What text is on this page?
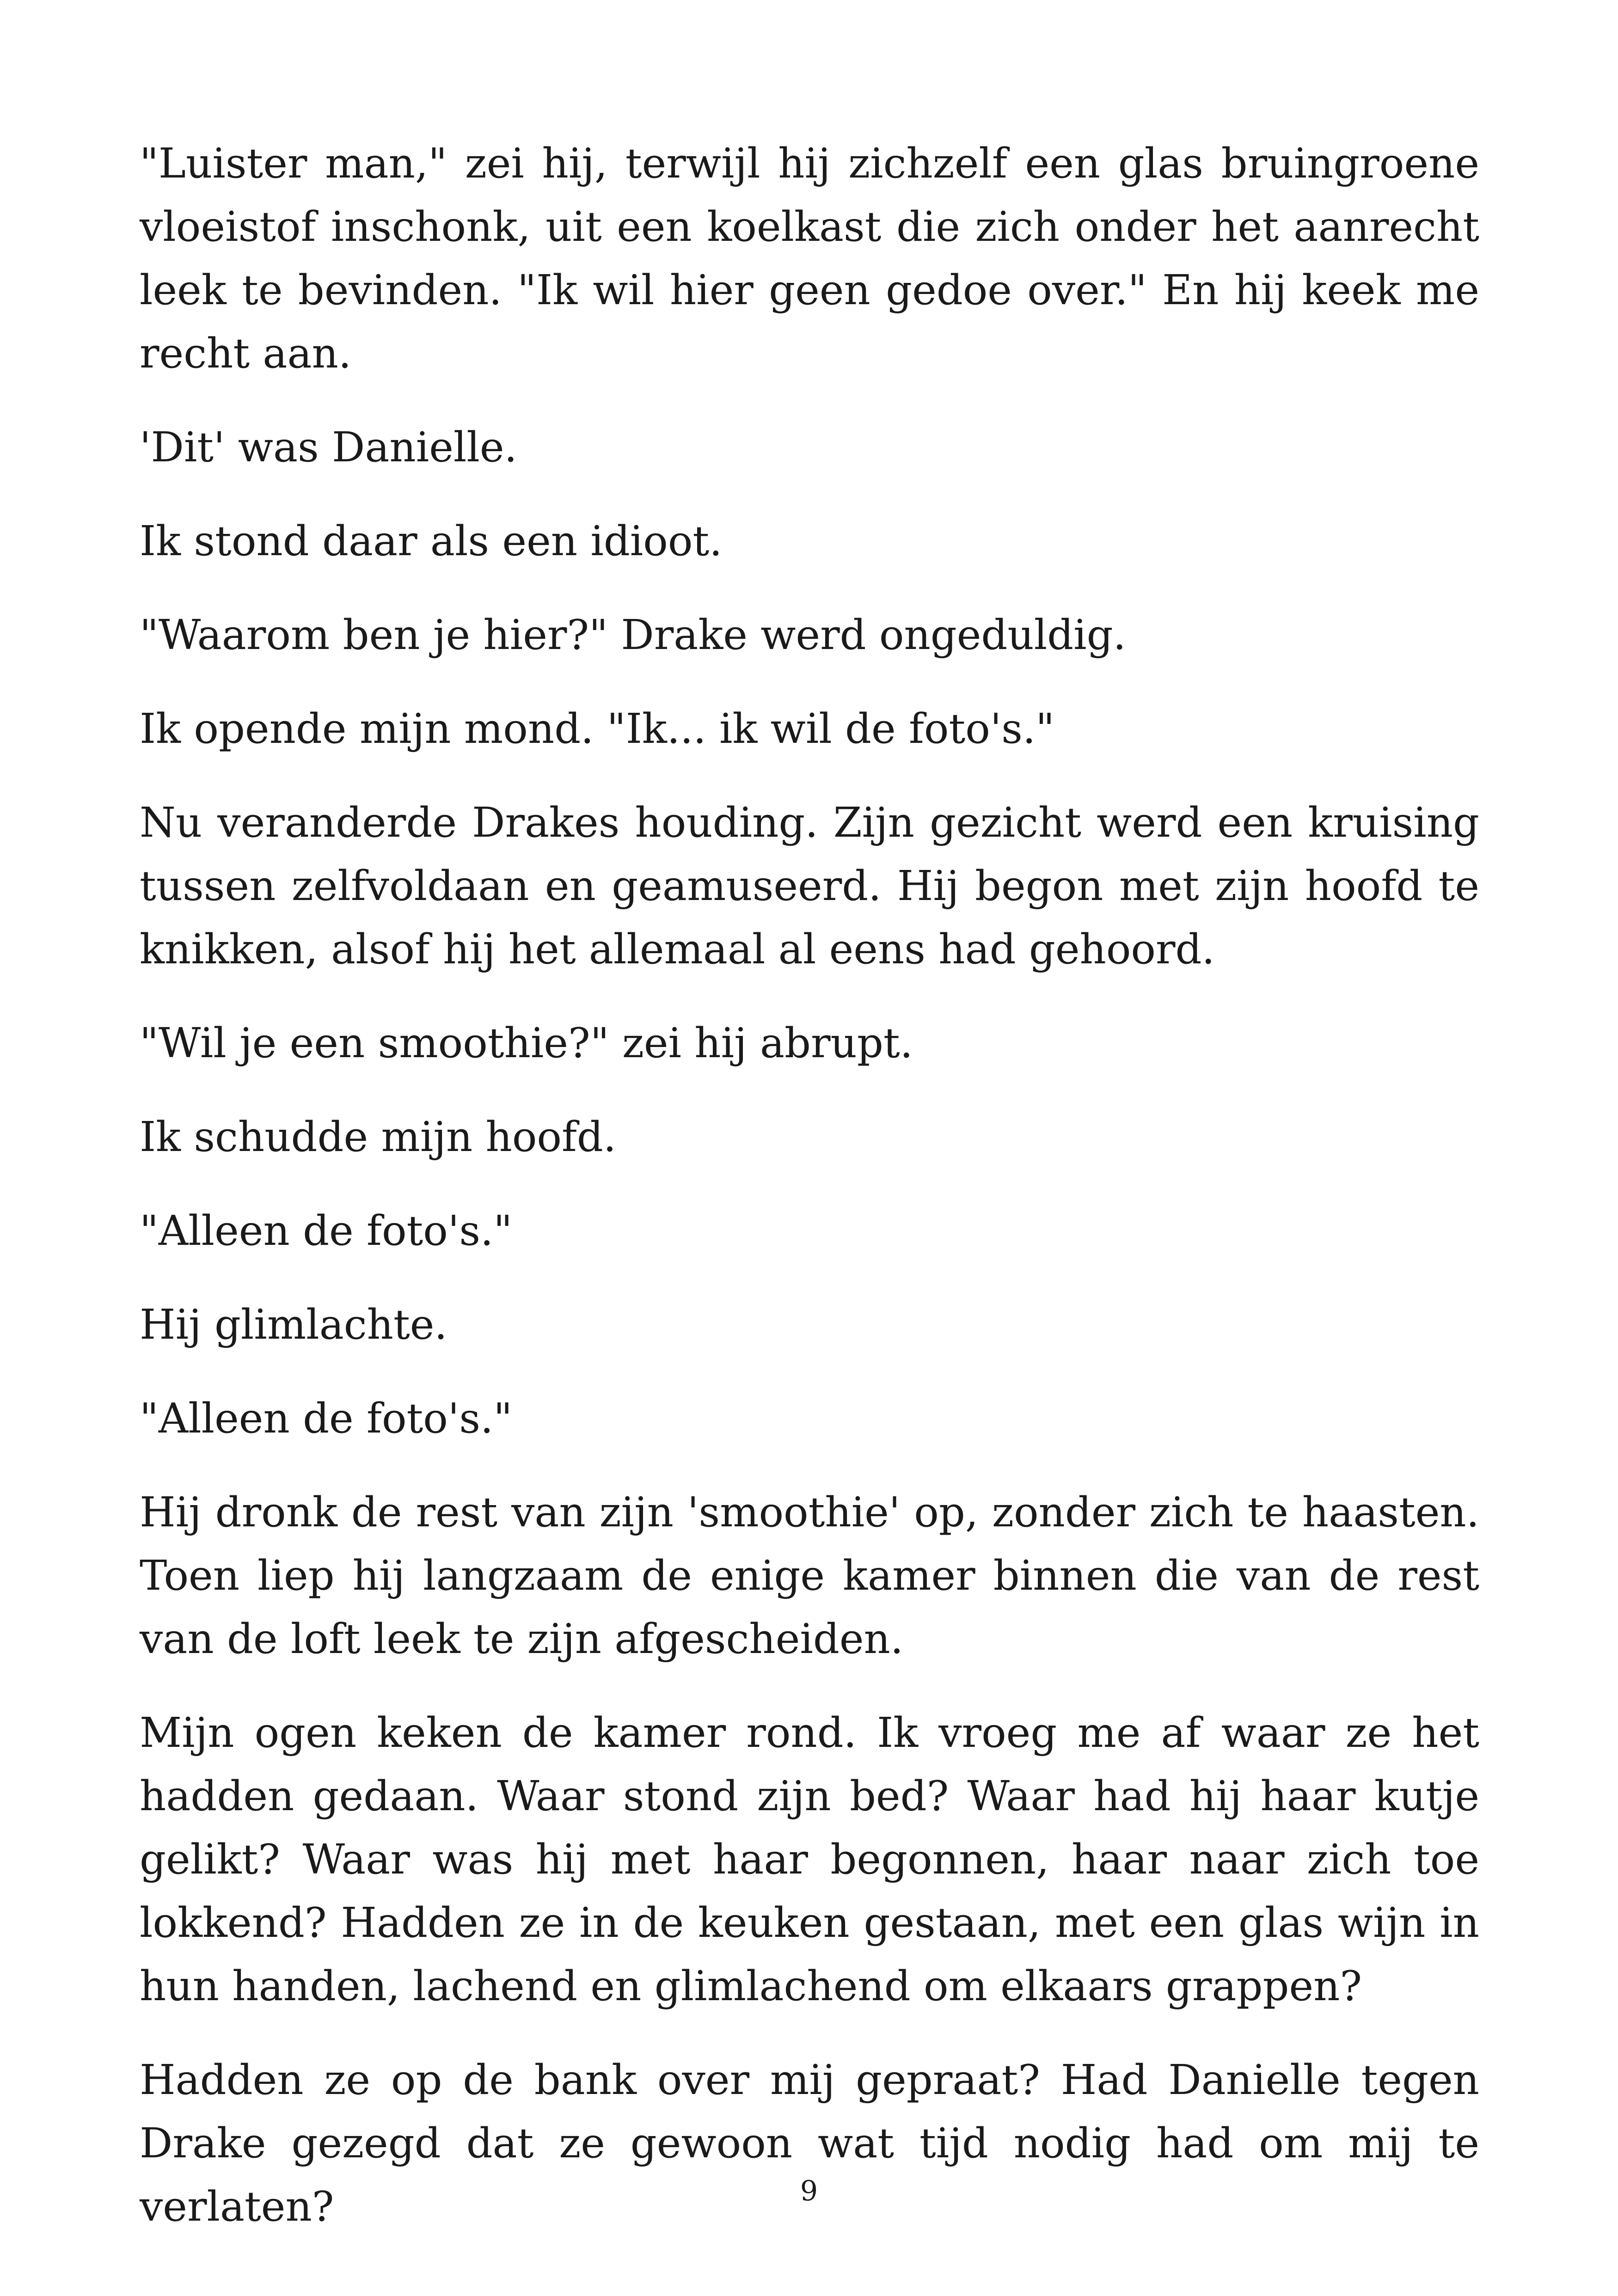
"Luister man," zei hij, terwijl hij zichzelf een glas bruingroene vloeistof inschonk, uit een koelkast die zich onder het aanrecht leek te bevinden. "Ik wil hier geen gedoe over." En hij keek me recht aan.

'Dit' was Danielle.

Ik stond daar als een idioot.

"Waarom ben je hier?" Drake werd ongeduldig.

Ik opende mijn mond. "Ik... ik wil de foto's."

Nu veranderde Drakes houding. Zijn gezicht werd een kruising tussen zelfvoldaan en geamuseerd. Hij begon met zijn hoofd te knikken, alsof hij het allemaal al eens had gehoord.

"Wil je een smoothie?" zei hij abrupt.

Ik schudde mijn hoofd.

"Alleen de foto's."

Hij glimlachte.

"Alleen de foto's."

Hij dronk de rest van zijn 'smoothie' op, zonder zich te haasten. Toen liep hij langzaam de enige kamer binnen die van de rest van de loft leek te zijn afgescheiden.

Mijn ogen keken de kamer rond. Ik vroeg me af waar ze het hadden gedaan. Waar stond zijn bed? Waar had hij haar kutje gelikt? Waar was hij met haar begonnen, haar naar zich toe lokkend? Hadden ze in de keuken gestaan, met een glas wijn in hun handen, lachend en glimlachend om elkaars grappen?

Hadden ze op de bank over mij gepraat? Had Danielle tegen Drake gezegd dat ze gewoon wat tijd nodig had om mij te verlaten?	9
